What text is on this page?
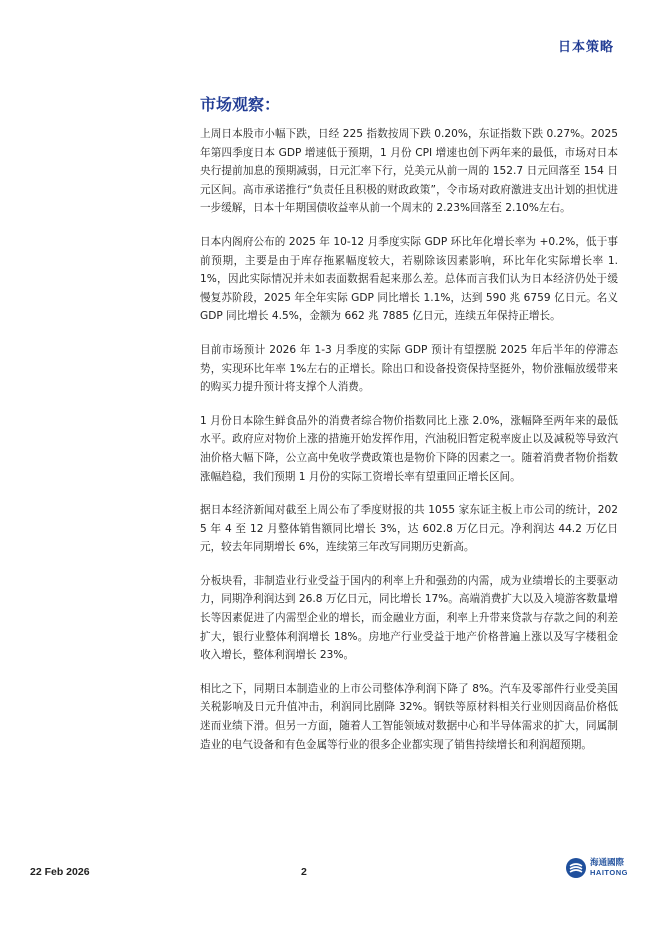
日本策略
市场观察：

上周日本股市小幅下跌，日经 225 指数按周下跌 0.20%，东证指数下跌 0.27%。2025 年第四季度日本 GDP 增速低于预期，1 月份 CPI 增速也创下两年来的最低，市场对日本央行提前加息的预期减弱，日元汇率下行，兑美元从前一周的 152.7 日元回落至 154 日元区间。高市承诺推行“负责任且积极的财政政策”，令市场对政府激进支出计划的担忧进一步缓解，日本十年期国债收益率从前一个周末的 2.23%回落至 2.10%左右。

日本内阁府公布的 2025 年 10-12 月季度实际 GDP 环比年化增长率为 +0.2%，低于事前预期，主要是由于库存拖累幅度较大，若剔除该因素影响，环比年化实际增长率 1.1%，因此实际情况并未如表面数据看起来那么差。总体而言我们认为日本经济仍处于缓慢复苏阶段，2025 年全年实际 GDP 同比增长 1.1%，达到 590 兆 6759 亿日元。名义 GDP 同比增长 4.5%，金额为 662 兆 7885 亿日元，连续五年保持正增长。

目前市场预计 2026 年 1-3 月季度的实际 GDP 预计有望摆脱 2025 年后半年的停滞态势，实现环比年率 1%左右的正增长。除出口和设备投资保持坚挺外，物价涨幅放缓带来的购买力提升预计将支撑个人消费。

1 月份日本除生鲜食品外的消费者综合物价指数同比上涨 2.0%，涨幅降至两年来的最低水平。政府应对物价上涨的措施开始发挥作用，汽油税旧暂定税率废止以及减税等导致汽油价格大幅下降，公立高中免收学费政策也是物价下降的因素之一。随着消费者物价指数涨幅趋稳，我们预期 1 月份的实际工资增长率有望重回正增长区间。

据日本经济新闻对截至上周公布了季度财报的共 1055 家东证主板上市公司的统计，2025 年 4 至 12 月整体销售额同比增长 3%，达 602.8 万亿日元。净利润达 44.2 万亿日元，较去年同期增长 6%，连续第三年改写同期历史新高。

分板块看，非制造业行业受益于国内的利率上升和强劲的内需，成为业绩增长的主要驱动力，同期净利润达到 26.8 万亿日元，同比增长 17%。高端消费扩大以及入境游客数量增长等因素促进了内需型企业的增长，而金融业方面，利率上升带来贷款与存款之间的利差扩大，银行业整体利润增长 18%。房地产行业受益于地产价格普遍上涨以及写字楼租金收入增长，整体利润增长 23%。

相比之下，同期日本制造业的上市公司整体净利润下降了 8%。汽车及零部件行业受美国关税影响及日元升值冲击，利润同比剧降 32%。钢铁等原材料相关行业则因商品价格低迷而业绩下滑。但另一方面，随着人工智能领域对数据中心和半导体需求的扩大，同属制造业的电气设备和有色金属等行业的很多企业都实现了销售持续增长和利润超预期。

22 Feb 2026	2
海通國際
HAITONG
